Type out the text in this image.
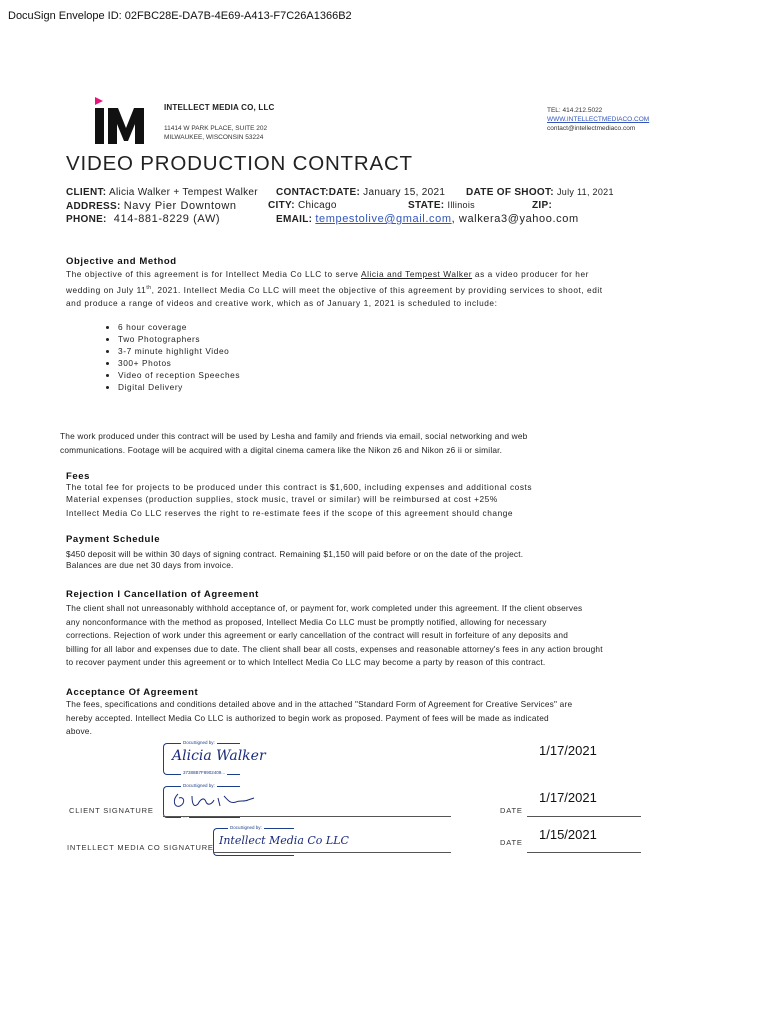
DocuSign Envelope ID: 02FBC28E-DA7B-4E69-A413-F7C26A1366B2
INTELLECT MEDIA CO, LLC
11414 W PARK PLACE, SUITE 202
MILWAUKEE, WISCONSIN 53224
TEL: 414.212.5022
WWW.INTELLECTMEDIACO.COM
contact@intellectmediaco.com
VIDEO PRODUCTION CONTRACT
CLIENT: Alicia Walker + Tempest Walker CONTACT:DATE: January 15, 2021 DATE OF SHOOT: July 11, 2021
ADDRESS: Navy Pier Downtown	CITY: Chicago	STATE: Illinois	ZIP:
PHONE: 414-881-8229 (AW)	EMAIL: tempestolive@gmail.com, walkera3@yahoo.com
Objective and Method
The objective of this agreement is for Intellect Media Co LLC to serve Alicia and Tempest Walker as a video producer for her
wedding on July 11th, 2021. Intellect Media Co LLC will meet the objective of this agreement by providing services to shoot, edit
and produce a range of videos and creative work, which as of January 1, 2021 is scheduled to include:
• 6 hour coverage
• Two Photographers
• 3-7 minute highlight Video
• 300+ Photos
• Video of reception Speeches
• Digital Delivery
The work produced under this contract will be used by Lesha and family and friends via email, social networking and web
communications. Footage will be acquired with a digital cinema camera like the Nikon z6 and Nikon z6 ii or similar.
Fees
The total fee for projects to be produced under this contract is $1,600, including expenses and additional costs
Material expenses (production supplies, stock music, travel or similar) will be reimbursed at cost +25%
Intellect Media Co LLC reserves the right to re-estimate fees if the scope of this agreement should change
Payment Schedule
$450 deposit will be within 30 days of signing contract. Remaining $1,150 will paid before or on the date of the project.
Balances are due net 30 days from invoice.
Rejection I Cancellation of Agreement
The client shall not unreasonably withhold acceptance of, or payment for, work completed under this agreement. If the client observes
any nonconformance with the method as proposed, Intellect Media Co LLC must be promptly notified, allowing for necessary
corrections. Rejection of work under this agreement or early cancellation of the contract will result in forfeiture of any deposits and
billing for all labor and expenses due to date. The client shall bear all costs, expenses and reasonable attorney's fees in any action brought
to recover payment under this agreement or to which Intellect Media Co LLC may become a party by reason of this contract.
Acceptance Of Agreement
The fees, specifications and conditions detailed above and in the attached "Standard Form of Agreement for Creative Services" are
hereby accepted. Intellect Media Co LLC is authorized to begin work as proposed. Payment of fees will be made as indicated
above.
DocuSigned by:
Alicia Walker
37388B7F8902409...
1/17/2021
DocuSigned by:
...
CLIENT SIGNATURE	DATE
1/17/2021
DocuSigned by:
Intellect Media Co LLC
INTELLECT MEDIA CO SIGNATURE
DATE
1/15/2021
